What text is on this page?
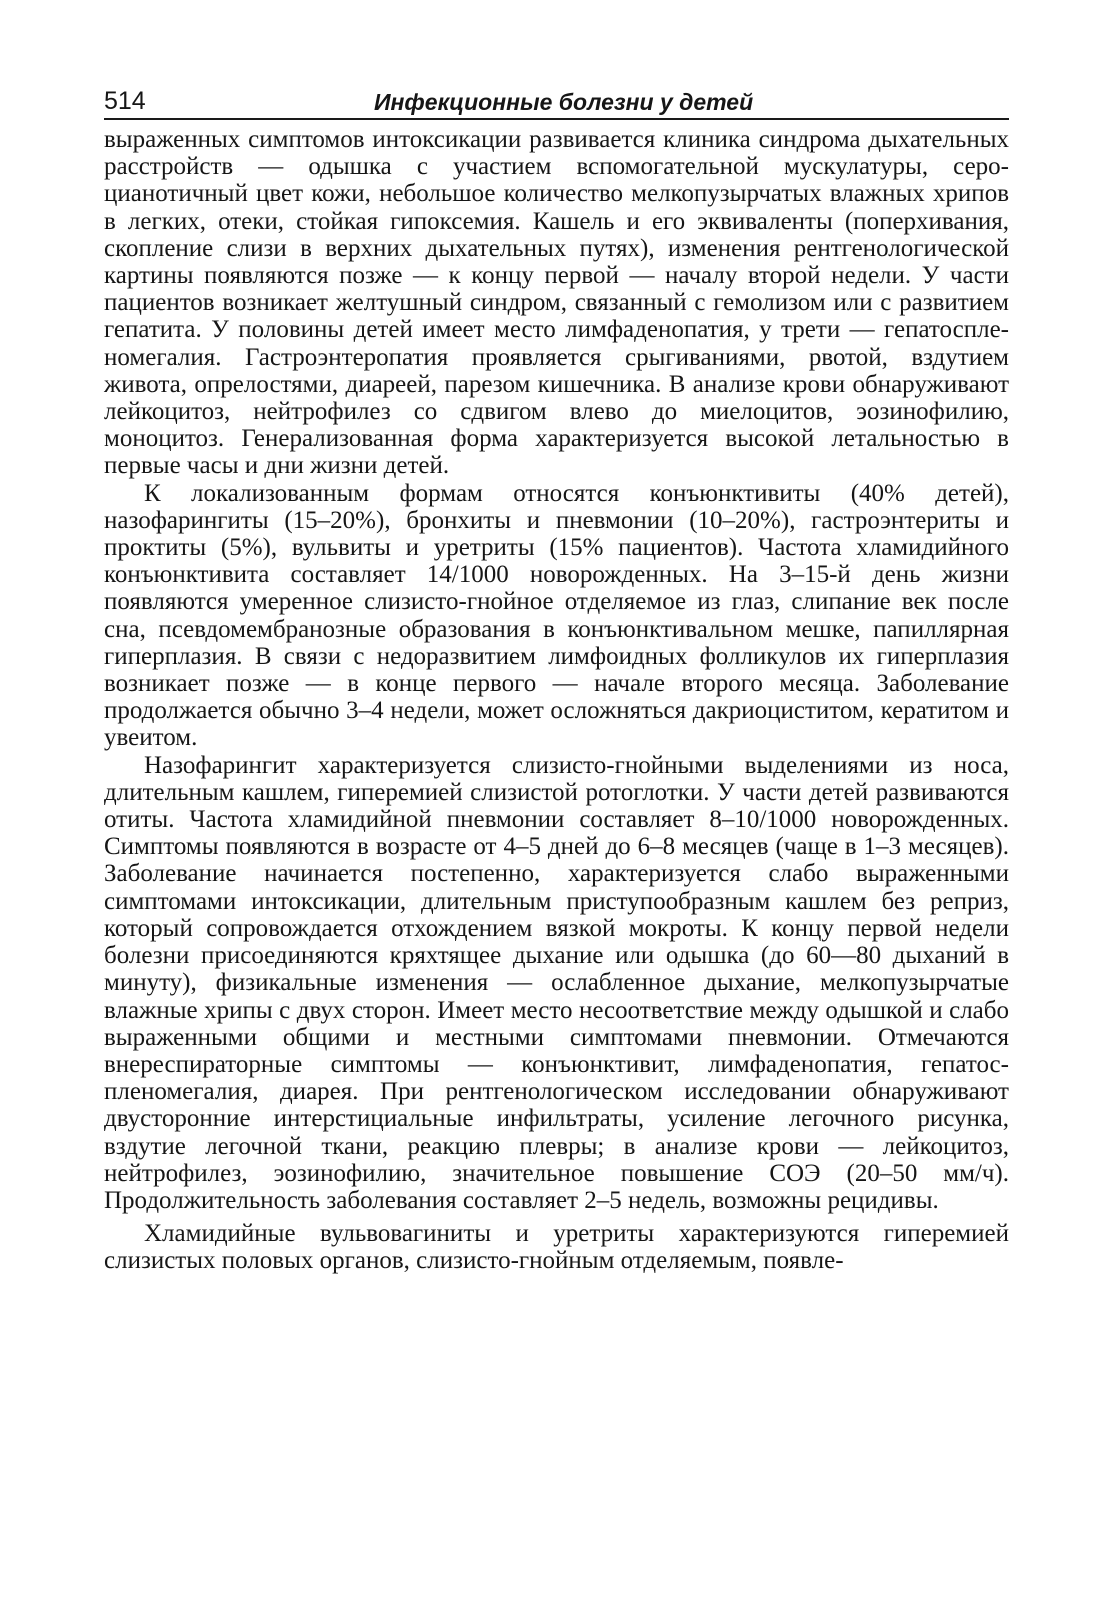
514	Инфекционные болезни у детей

выраженных симптомов интоксикации развивается клиника синдрома дыхательных расстройств — одышка с участием вспомогательной мускулатуры, серо-цианотичный цвет кожи, небольшое количество мелкопузырчатых влажных хрипов в легких, отеки, стойкая гипоксемия. Кашель и его эквиваленты (поперхивания, скопление слизи в верхних дыхательных путях), изменения рентгенологической картины появляются позже — к концу первой — началу второй недели. У части пациентов возникает желтушный синдром, связанный с гемолизом или с развитием гепатита. У половины детей имеет место лимфаденопатия, у трети — гепатоспленомегалия. Гастроэнтеропатия проявляется срыгиваниями, рвотой, вздутием живота, опрелостями, диареей, парезом кишечника. В анализе крови обнаруживают лейкоцитоз, нейтрофилез со сдвигом влево до миелоцитов, эозинофилию, моноцитоз. Генерализованная форма характеризуется высокой летальностью в первые часы и дни жизни детей.

К локализованным формам относятся конъюнктивиты (40% детей), назофарингиты (15–20%), бронхиты и пневмонии (10–20%), гастроэнтериты и проктиты (5%), вульвиты и уретриты (15% пациентов). Частота хламидийного конъюнктивита составляет 14/1000 новорожденных. На 3–15-й день жизни появляются умеренное слизисто-гнойное отделяемое из глаз, слипание век после сна, псевдомембранозные образования в конъюнктивальном мешке, папиллярная гиперплазия. В связи с недоразвитием лимфоидных фолликулов их гиперплазия возникает позже — в конце первого — начале второго месяца. Заболевание продолжается обычно 3–4 недели, может осложняться дакриоциститом, кератитом и увеитом.

Назофарингит характеризуется слизисто-гнойными выделениями из носа, длительным кашлем, гиперемией слизистой ротоглотки. У части детей развиваются отиты. Частота хламидийной пневмонии составляет 8–10/1000 новорожденных. Симптомы появляются в возрасте от 4–5 дней до 6–8 месяцев (чаще в 1–3 месяцев). Заболевание начинается постепенно, характеризуется слабо выраженными симптомами интоксикации, длительным приступообразным кашлем без реприз, который сопровождается отхождением вязкой мокроты. К концу первой недели болезни присоединяются кряхтящее дыхание или одышка (до 60—80 дыханий в минуту), физикальные изменения — ослабленное дыхание, мелкопузырчатые влажные хрипы с двух сторон. Имеет место несоответствие между одышкой и слабо выраженными общими и местными симптомами пневмонии. Отмечаются внереспираторные симптомы — конъюнктивит, лимфаденопатия, гепатоспленомегалия, диарея. При рентгенологическом исследовании обнаруживают двусторонние интерстициальные инфильтраты, усиление легочного рисунка, вздутие легочной ткани, реакцию плевры; в анализе крови — лейкоцитоз, нейтрофилез, эозинофилию, значительное повышение СОЭ (20–50 мм/ч). Продолжительность заболевания составляет 2–5 недель, возможны рецидивы.

Хламидийные вульвовагиниты и уретриты характеризуются гиперемией слизистых половых органов, слизисто-гнойным отделяемым, появле-
